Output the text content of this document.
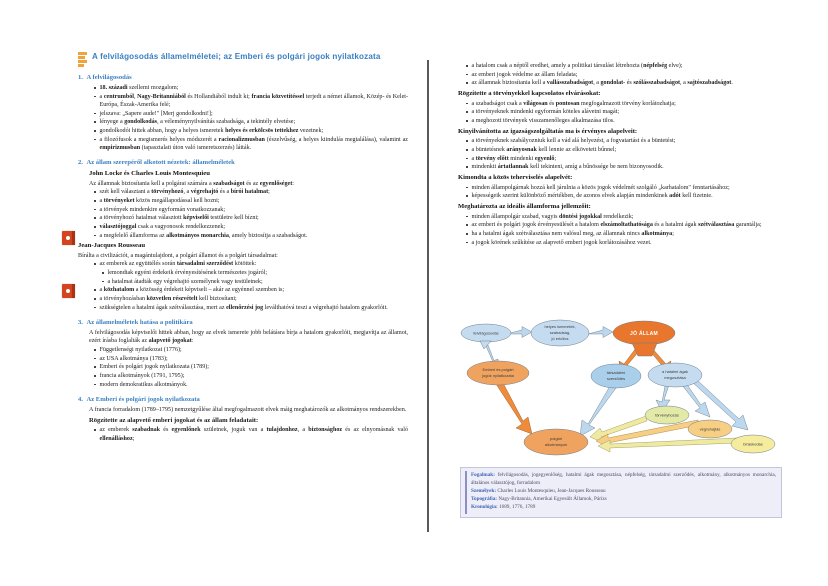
A felvilágosodás államelméletei; az Emberi és polgári jogok nyilatkozata
1. A felvilágosodás
18. századi szellemi mozgalom;
a centrumból, Nagy-Britanniából és Hollandiából indult ki; francia közvetítéssel terjedt a német államok, Közép- és Kelet-Európa, Észak-Amerika felé;
jelszava: „Sapere aude!" [Merj gondolkodni!];
lényege a gondolkodás, a véleménynyilvánítás szabadsága, a tekintély elvetése;
gondolkodói hittek abban, hogy a helyes ismeretek helyes és erkölcsös tettekhez vezetnek;
a filozófusok a megismerés helyes módszerét a racionalizmusban (észelvűség, a helyes kiindulás megtalálása), valamint az empirizmusban (tapasztalati úton való ismeretszerzés) látták.
2. Az állam szerepéről alkotott nézetek: államelméletek
John Locke és Charles Louis Montesquieu
Az államnak biztosítania kell a polgárai számára a szabadságot és az egyenlőséget:
szét kell választani a törvényhozó, a végrehajtó és a bírói hatalmat;
a törvényeket közös megállapodással kell hozni;
a törvények mindenkire egyformán vonatkozzanak;
a törvényhozó hatalmat választott képviselői testületre kell bízni;
választójoggal csak a vagyonosok rendelkezzenek;
a megfelelő államforma az alkotmányos monarchia, amely biztosítja a szabadságot.
Jean-Jacques Rousseau
Bírálta a civilizációt, a magántulajdont, a polgári államot és a polgári társadalmat:
az emberek az együttélés során társadalmi szerződést kötöttek:
lemondtak egyéni érdekeik érvényesítésének természetes jogáról;
a hatalmat átadták egy végrehajtó személynek vagy testületnek;
a közhatalom a közösség érdekeit képviseli – akár az egyénnel szemben is;
a törvényhozásban közvetlen részvételt kell biztosítani;
szükségtelen a hatalmi ágak szétválasztása, mert az ellenőrzési jog leválthatóvá teszi a végrehajtó hatalom gyakorlóit.
3. Az államelméletek hatása a politikára
A felvilágosodás képviselői hittek abban, hogy az elvek ismerete jobb belátásra bírja a hatalom gyakorlóit, megjavítja az államot, ezért írásba foglalták az alapvető jogokat:
Függetlenségi nyilatkozat (1776);
az USA alkotmánya (1783);
Emberi és polgári jogok nyilatkozata (1789);
francia alkotmányok (1791, 1795);
modern demokratikus alkotmányok.
4. Az Emberi és polgári jogok nyilatkozata
A francia forradalom (1789–1795) nemzetgyűlése által megfogalmazott elvek máig meghatározók az alkotmányos rendszerekben.
Rögzítette az alapvető emberi jogokat és az állam feladatait:
az emberek szabadnak és egyenlőnek születnek, joguk van a tulajdonhoz, a biztonsághoz és az elnyomásnak való ellenálláshoz;
a hatalom csak a néptől eredhet, amely a politikai társulást létrehozta (népfelség elve);
az emberi jogok védelme az állam feladata;
az államnak biztosítania kell a vallásszabadságot, a gondolat- és szólásszabadságot, a sajtószabadságot.
Rögzítette a törvényekkel kapcsolatos elvárásokat:
a szabadságot csak a világosan és pontosan megfogalmazott törvény korlátozhatja;
a törvényeknek mindenki egyformán köteles alávetni magát;
a meghozott törvények visszamenőleges alkalmazása tilos.
Kinyilvánította az igazságszolgáltatás ma is érvényes alapelveit:
a törvényeknek szabályozniuk kell a vád alá helyezést, a fogvatartást és a büntetést;
a büntetésnek arányosnak kell lennie az elkövetett bűnnel;
a törvény előtt mindenki egyenlő;
mindenkit ártatlannak kell tekinteni, amíg a bűnössége be nem bizonyosodik.
Kimondta a közös teherviselés alapelvét:
minden állampolgárnak hozzá kell járulnia a közös jogok védelmét szolgáló „karhatalom" fenntartásához;
képességeik szerint különböző mértékben, de azonos elvek alapján mindenkinek adót kell fizetnie.
Meghatározta az ideális államforma jellemzőit:
minden állampolgár szabad, vagyis döntési jogokkal rendelkezik;
az emberi és polgári jogok érvényesülését a hatalom elszámoltathatósága és a hatalmi ágak szétválasztása garantálja;
ha a hatalmi ágak szétválasztása nem valósul meg, az államnak nincs alkotmánya;
a jogok körének szűkítése az alapvető emberi jogok korlátozásához vezet.
felvilágosodás
helyes ismeretek,
szabadság,
jó erkölcs
JÓ ÁLLAM
Emberi és polgári
jogok nyilatkozata
társadalmi
szerződés
a hatalmi ágak
megosztása
törvényhozás
végrehajtás
bíráskodás
polgári
alkotmányok

Fogalmak: felvilágosodás, jogegyenlőség, hatalmi ágak megosztása, népfelség, társadalmi szerződés, alkotmány, alkotmányos monarchia, általános választójog, forradalom

Személyek: Charles Louis Montesquieu, Jean-Jacques Rousseau

Topográfia: Nagy-Britannia, Amerikai Egyesült Államok, Párizs

Kronológia: 1689, 1776, 1789
